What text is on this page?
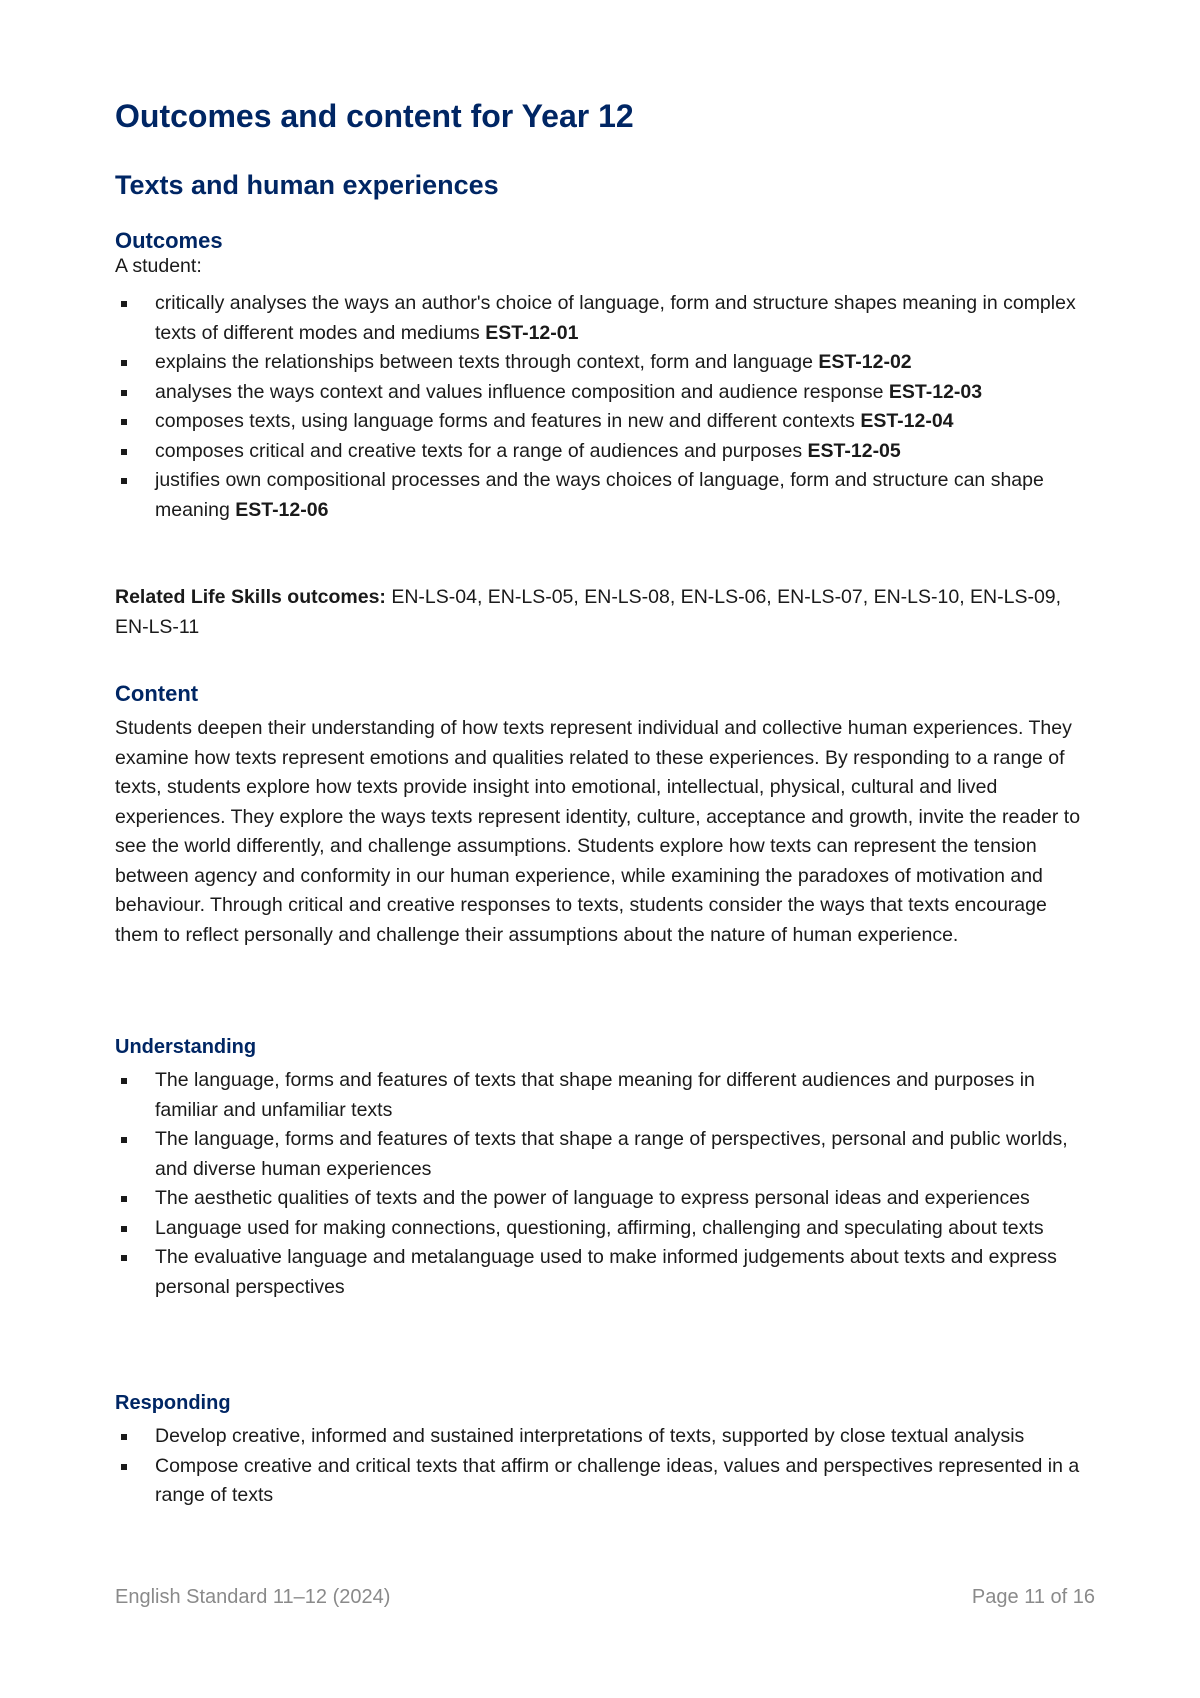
Outcomes and content for Year 12
Texts and human experiences
Outcomes

A student:

critically analyses the ways an author's choice of language, form and structure shapes meaning in complex texts of different modes and mediums EST-12-01
explains the relationships between texts through context, form and language EST-12-02
analyses the ways context and values influence composition and audience response EST-12-03
composes texts, using language forms and features in new and different contexts EST-12-04
composes critical and creative texts for a range of audiences and purposes EST-12-05
justifies own compositional processes and the ways choices of language, form and structure can shape meaning EST-12-06

Related Life Skills outcomes: EN-LS-04, EN-LS-05, EN-LS-08, EN-LS-06, EN-LS-07, EN-LS-10, EN-LS-09, EN-LS-11

Content

Students deepen their understanding of how texts represent individual and collective human experiences. They examine how texts represent emotions and qualities related to these experiences. By responding to a range of texts, students explore how texts provide insight into emotional, intellectual, physical, cultural and lived experiences. They explore the ways texts represent identity, culture, acceptance and growth, invite the reader to see the world differently, and challenge assumptions. Students explore how texts can represent the tension between agency and conformity in our human experience, while examining the paradoxes of motivation and behaviour. Through critical and creative responses to texts, students consider the ways that texts encourage them to reflect personally and challenge their assumptions about the nature of human experience.

Understanding
The language, forms and features of texts that shape meaning for different audiences and purposes in familiar and unfamiliar texts
The language, forms and features of texts that shape a range of perspectives, personal and public worlds, and diverse human experiences
The aesthetic qualities of texts and the power of language to express personal ideas and experiences
Language used for making connections, questioning, affirming, challenging and speculating about texts
The evaluative language and metalanguage used to make informed judgements about texts and express personal perspectives
Responding
Develop creative, informed and sustained interpretations of texts, supported by close textual analysis
Compose creative and critical texts that affirm or challenge ideas, values and perspectives represented in a range of texts
English Standard 11–12 (2024)	Page 11 of 16
